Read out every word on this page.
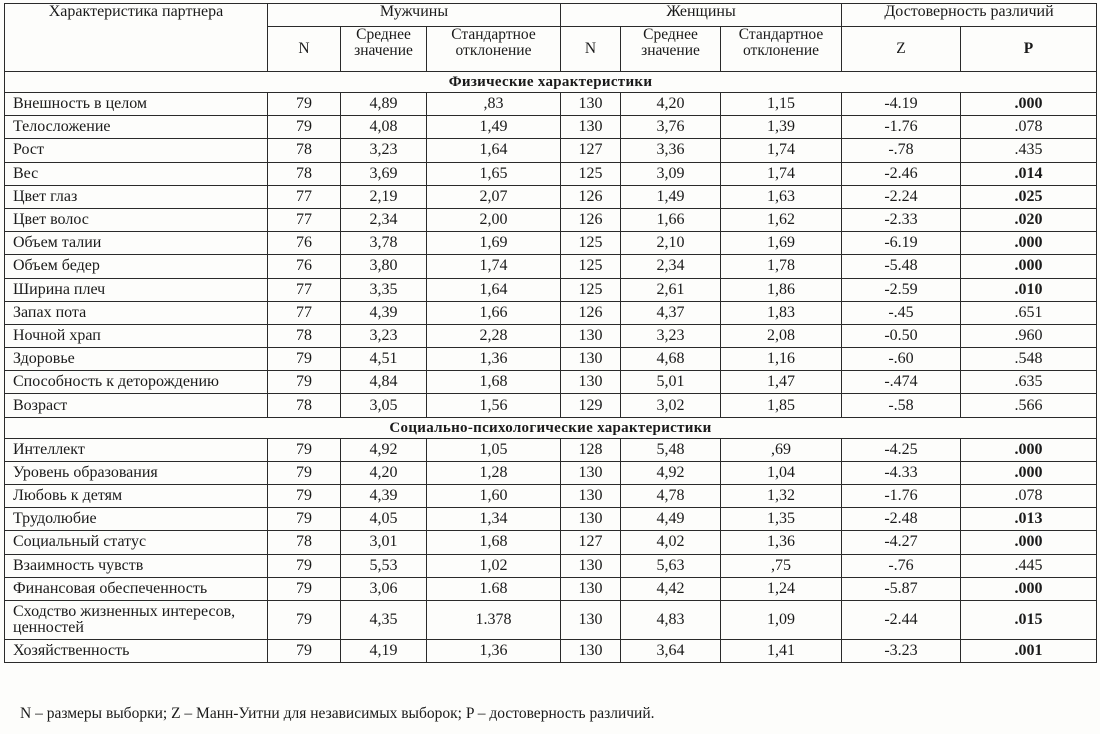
Характеристика партнера	Мужчины			Женщины			Достоверность различий	
	N	Среднее значение	Стандартное отклонение	N	Среднее значение	Стандартное отклонение	Z	P
Физические характеристики								
Внешность в целом	79	4,89	,83	130	4,20	1,15	-4.19	.000
Телосложение	79	4,08	1,49	130	3,76	1,39	-1.76	.078
Рост	78	3,23	1,64	127	3,36	1,74	-.78	.435
Вес	78	3,69	1,65	125	3,09	1,74	-2.46	.014
Цвет глаз	77	2,19	2,07	126	1,49	1,63	-2.24	.025
Цвет волос	77	2,34	2,00	126	1,66	1,62	-2.33	.020
Объем талии	76	3,78	1,69	125	2,10	1,69	-6.19	.000
Объем бедер	76	3,80	1,74	125	2,34	1,78	-5.48	.000
Ширина плеч	77	3,35	1,64	125	2,61	1,86	-2.59	.010
Запах пота	77	4,39	1,66	126	4,37	1,83	-.45	.651
Ночной храп	78	3,23	2,28	130	3,23	2,08	-0.50	.960
Здоровье	79	4,51	1,36	130	4,68	1,16	-.60	.548
Способность к деторождению	79	4,84	1,68	130	5,01	1,47	-.474	.635
Возраст	78	3,05	1,56	129	3,02	1,85	-.58	.566
Социально-психологические характеристики								
Интеллект	79	4,92	1,05	128	5,48	,69	-4.25	.000
Уровень образования	79	4,20	1,28	130	4,92	1,04	-4.33	.000
Любовь к детям	79	4,39	1,60	130	4,78	1,32	-1.76	.078
Трудолюбие	79	4,05	1,34	130	4,49	1,35	-2.48	.013
Социальный статус	78	3,01	1,68	127	4,02	1,36	-4.27	.000
Взаимность чувств	79	5,53	1,02	130	5,63	,75	-.76	.445
Финансовая обеспеченность	79	3,06	1.68	130	4,42	1,24	-5.87	.000
Сходство жизненных интересов, ценностей	79	4,35	1.378	130	4,83	1,09	-2.44	.015
Хозяйственность	79	4,19	1,36	130	3,64	1,41	-3.23	.001
N – размеры выборки; Z – Манн-Уитни для независимых выборок; P – достоверность различий.
